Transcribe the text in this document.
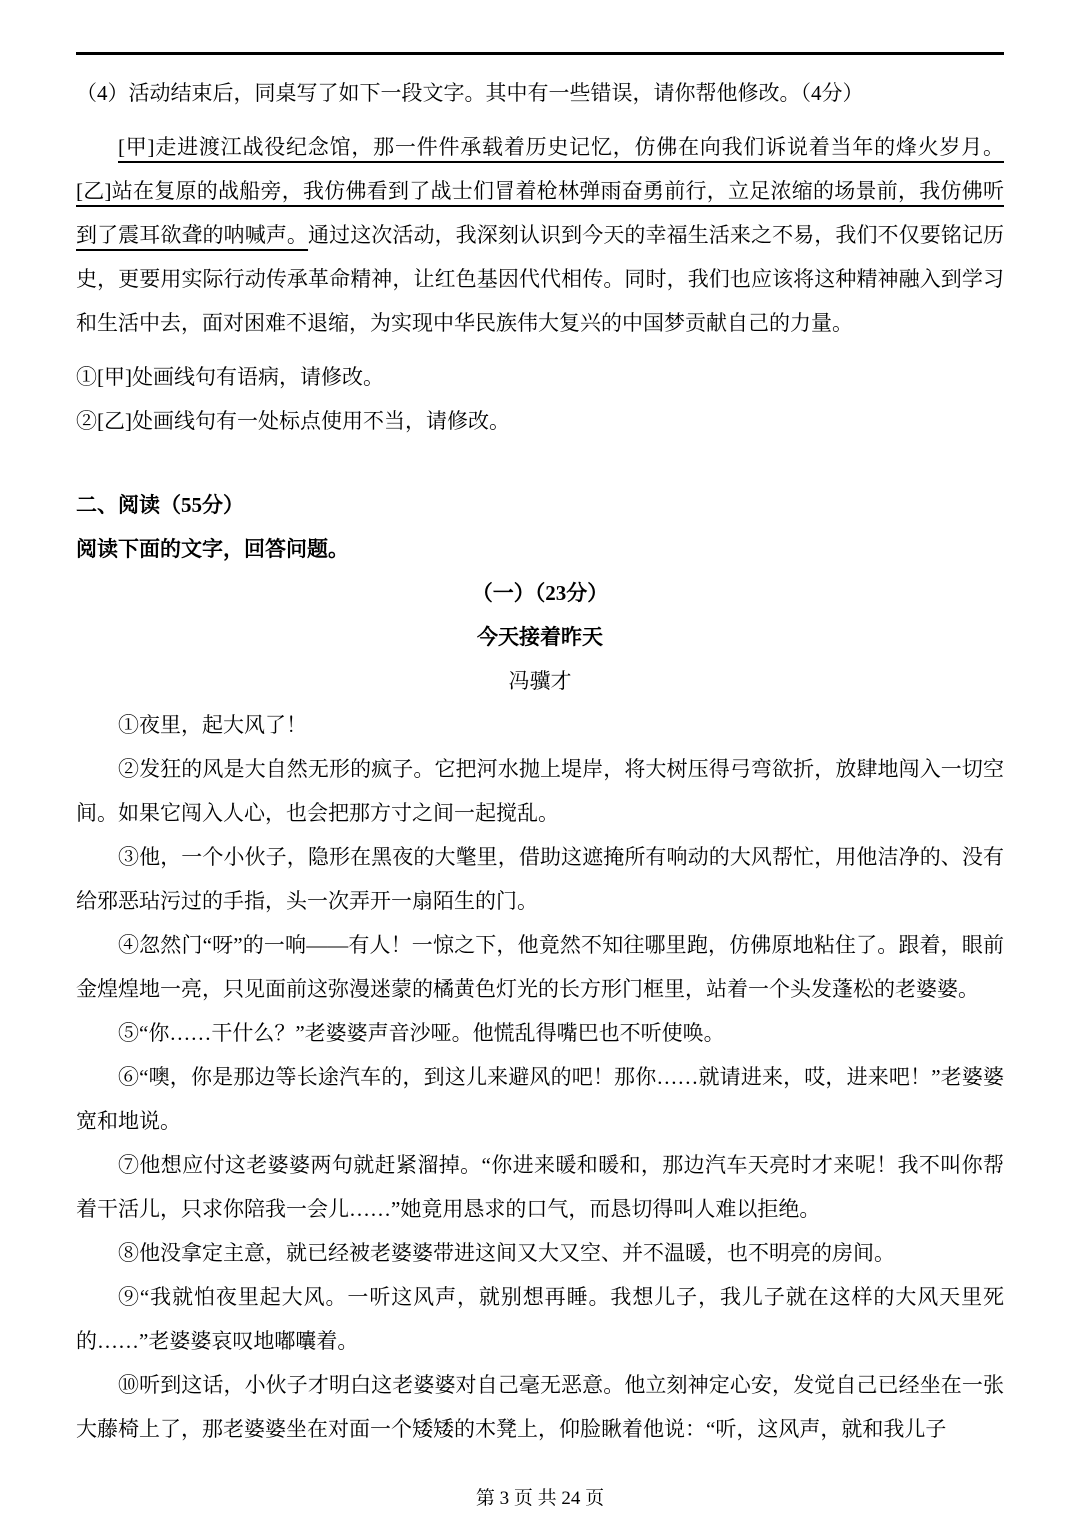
（4）活动结束后，同桌写了如下一段文字。其中有一些错误，请你帮他修改。（4分）

[甲]走进渡江战役纪念馆，那一件件承载着历史记忆，仿佛在向我们诉说着当年的烽火岁月。[乙]站在复原的战船旁，我仿佛看到了战士们冒着枪林弹雨奋勇前行，立足浓缩的场景前，我仿佛听到了震耳欲聋的呐喊声。通过这次活动，我深刻认识到今天的幸福生活来之不易，我们不仅要铭记历史，更要用实际行动传承革命精神，让红色基因代代相传。同时，我们也应该将这种精神融入到学习和生活中去，面对困难不退缩，为实现中华民族伟大复兴的中国梦贡献自己的力量。

①[甲]处画线句有语病，请修改。

②[乙]处画线句有一处标点使用不当，请修改。

二、阅读（55分）

阅读下面的文字，回答问题。

（一）（23分）

今天接着昨天

冯骥才

①夜里，起大风了！

②发狂的风是大自然无形的疯子。它把河水抛上堤岸，将大树压得弓弯欲折，放肆地闯入一切空间。如果它闯入人心，也会把那方寸之间一起搅乱。

③他，一个小伙子，隐形在黑夜的大氅里，借助这遮掩所有响动的大风帮忙，用他洁净的、没有给邪恶玷污过的手指，头一次弄开一扇陌生的门。

④忽然门“呀”的一响——有人！一惊之下，他竟然不知往哪里跑，仿佛原地粘住了。跟着，眼前金煌煌地一亮，只见面前这弥漫迷蒙的橘黄色灯光的长方形门框里，站着一个头发蓬松的老婆婆。

⑤“你……干什么？”老婆婆声音沙哑。他慌乱得嘴巴也不听使唤。

⑥“噢，你是那边等长途汽车的，到这儿来避风的吧！那你……就请进来，哎，进来吧！”老婆婆宽和地说。

⑦他想应付这老婆婆两句就赶紧溜掉。“你进来暖和暖和，那边汽车天亮时才来呢！我不叫你帮着干活儿，只求你陪我一会儿……”她竟用恳求的口气，而恳切得叫人难以拒绝。

⑧他没拿定主意，就已经被老婆婆带进这间又大又空、并不温暖，也不明亮的房间。

⑨“我就怕夜里起大风。一听这风声，就别想再睡。我想儿子，我儿子就在这样的大风天里死的……”老婆婆哀叹地嘟囔着。

⑩听到这话，小伙子才明白这老婆婆对自己毫无恶意。他立刻神定心安，发觉自己已经坐在一张大藤椅上了，那老婆婆坐在对面一个矮矮的木凳上，仰脸瞅着他说：“听，这风声，就和我儿子

第 3 页 共 24 页
